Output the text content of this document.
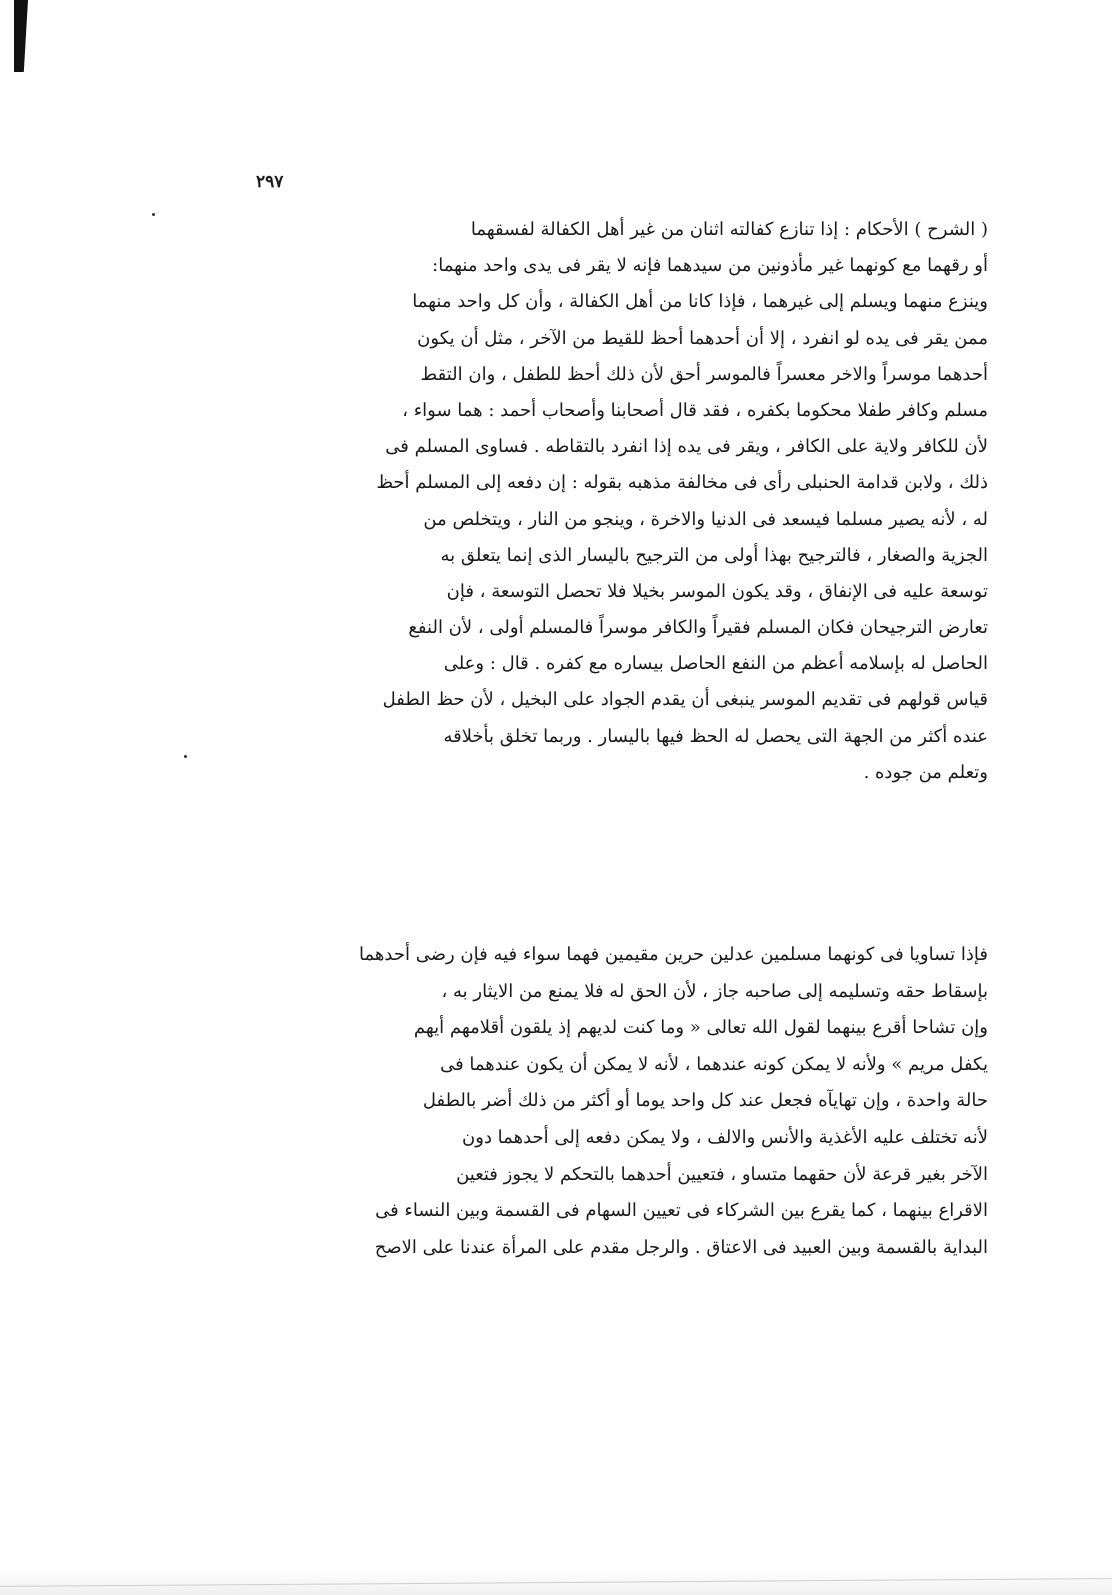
٢٩٧
( الشرح ) الأحكام : إذا تنازع كفالته اثنان من غير أهل الكفالة لفسقهما
أو رقهما مع كونهما غير مأذونين من سيدهما فإنه لا يقر فى يدى واحد منهما:
وينزع منهما ويسلم إلى غيرهما ، فإذا كانا من أهل الكفالة ، وأن كل واحد منهما
ممن يقر فى يده لو انفرد ، إلا أن أحدهما أحظ للقيط من الآخر ، مثل أن يكون
أحدهما موسراً والاخر معسراً فالموسر أحق لأن ذلك أحظ للطفل ، وان التقط
مسلم وكافر طفلا محكوما بكفره ، فقد قال أصحابنا وأصحاب أحمد : هما سواء ،
لأن للكافر ولاية على الكافر ، ويقر فى يده إذا انفرد بالتقاطه . فساوى المسلم فى
ذلك ، ولابن قدامة الحنبلى رأى فى مخالفة مذهبه بقوله : إن دفعه إلى المسلم أحظ
له ، لأنه يصير مسلما فيسعد فى الدنيا والاخرة ، وينجو من النار ، ويتخلص من
الجزية والصغار ، فالترجيح بهذا أولى من الترجيح باليسار الذى إنما يتعلق به
توسعة عليه فى الإنفاق ، وقد يكون الموسر بخيلا فلا تحصل التوسعة ، فإن
تعارض الترجيحان فكان المسلم فقيراً والكافر موسراً فالمسلم أولى ، لأن النفع
الحاصل له بإسلامه أعظم من النفع الحاصل بيساره مع كفره . قال : وعلى
قياس قولهم فى تقديم الموسر ينبغى أن يقدم الجواد على البخيل ، لأن حظ الطفل
عنده أكثر من الجهة التى يحصل له الحظ فيها باليسار . وربما تخلق بأخلاقه
وتعلم من جوده .
فإذا تساويا فى كونهما مسلمين عدلين حرين مقيمين فهما سواء فيه فإن رضى أحدهما
بإسقاط حقه وتسليمه إلى صاحبه جاز ، لأن الحق له فلا يمنع من الايثار به ،
وإن تشاحا أقرع بينهما لقول الله تعالى « وما كنت لديهم إذ يلقون أقلامهم أيهم
يكفل مريم » ولأنه لا يمكن كونه عندهما ، لأنه لا يمكن أن يكون عندهما فى
حالة واحدة ، وإن تهايآه فجعل عند كل واحد يوما أو أكثر من ذلك أضر بالطفل
لأنه تختلف عليه الأغذية والأنس والالف ، ولا يمكن دفعه إلى أحدهما دون
الآخر بغير قرعة لأن حقهما متساو ، فتعيين أحدهما بالتحكم لا يجوز فتعين
الاقراع بينهما ، كما يقرع بين الشركاء فى تعيين السهام فى القسمة وبين النساء فى
البداية بالقسمة وبين العبيد فى الاعتاق . والرجل مقدم على المرأة عندنا على الاصح
